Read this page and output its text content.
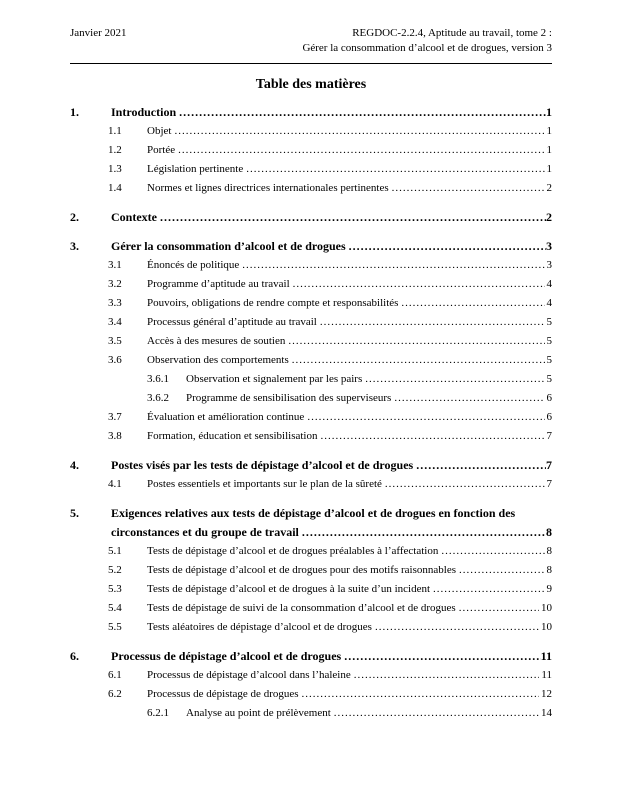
Janvier 2021	REGDOC-2.2.4, Aptitude au travail, tome 2 :
Gérer la consommation d’alcool et de drogues, version 3
Table des matières
1.	Introduction .....	1
1.1	Objet .....	1
1.2	Portée .....	1
1.3	Législation pertinente .....	1
1.4	Normes et lignes directrices internationales pertinentes .....	2
2.	Contexte .....	2
3.	Gérer la consommation d’alcool et de drogues .....	3
3.1	Énoncés de politique .....	3
3.2	Programme d’aptitude au travail .....	4
3.3	Pouvoirs, obligations de rendre compte et responsabilités .....	4
3.4	Processus général d’aptitude au travail .....	5
3.5	Accès à des mesures de soutien .....	5
3.6	Observation des comportements .....	5
3.6.1	Observation et signalement par les pairs .....	5
3.6.2	Programme de sensibilisation des superviseurs .....	6
3.7	Évaluation et amélioration continue .....	6
3.8	Formation, éducation et sensibilisation .....	7
4.	Postes visés par les tests de dépistage d’alcool et de drogues .....	7
4.1	Postes essentiels et importants sur le plan de la sûreté .....	7
5.	Exigences relatives aux tests de dépistage d’alcool et de drogues en fonction des
circonstances et du groupe de travail .....	8
5.1	Tests de dépistage d’alcool et de drogues préalables à l’affectation .....	8
5.2	Tests de dépistage d’alcool et de drogues pour des motifs raisonnables .....	8
5.3	Tests de dépistage d’alcool et de drogues à la suite d’un incident .....	9
5.4	Tests de dépistage de suivi de la consommation d’alcool et de drogues .....	10
5.5	Tests aléatoires de dépistage d’alcool et de drogues .....	10
6.	Processus de dépistage d’alcool et de drogues .....	11
6.1	Processus de dépistage d’alcool dans l’haleine .....	11
6.2	Processus de dépistage de drogues .....	12
6.2.1	Analyse au point de prélèvement .....	14
